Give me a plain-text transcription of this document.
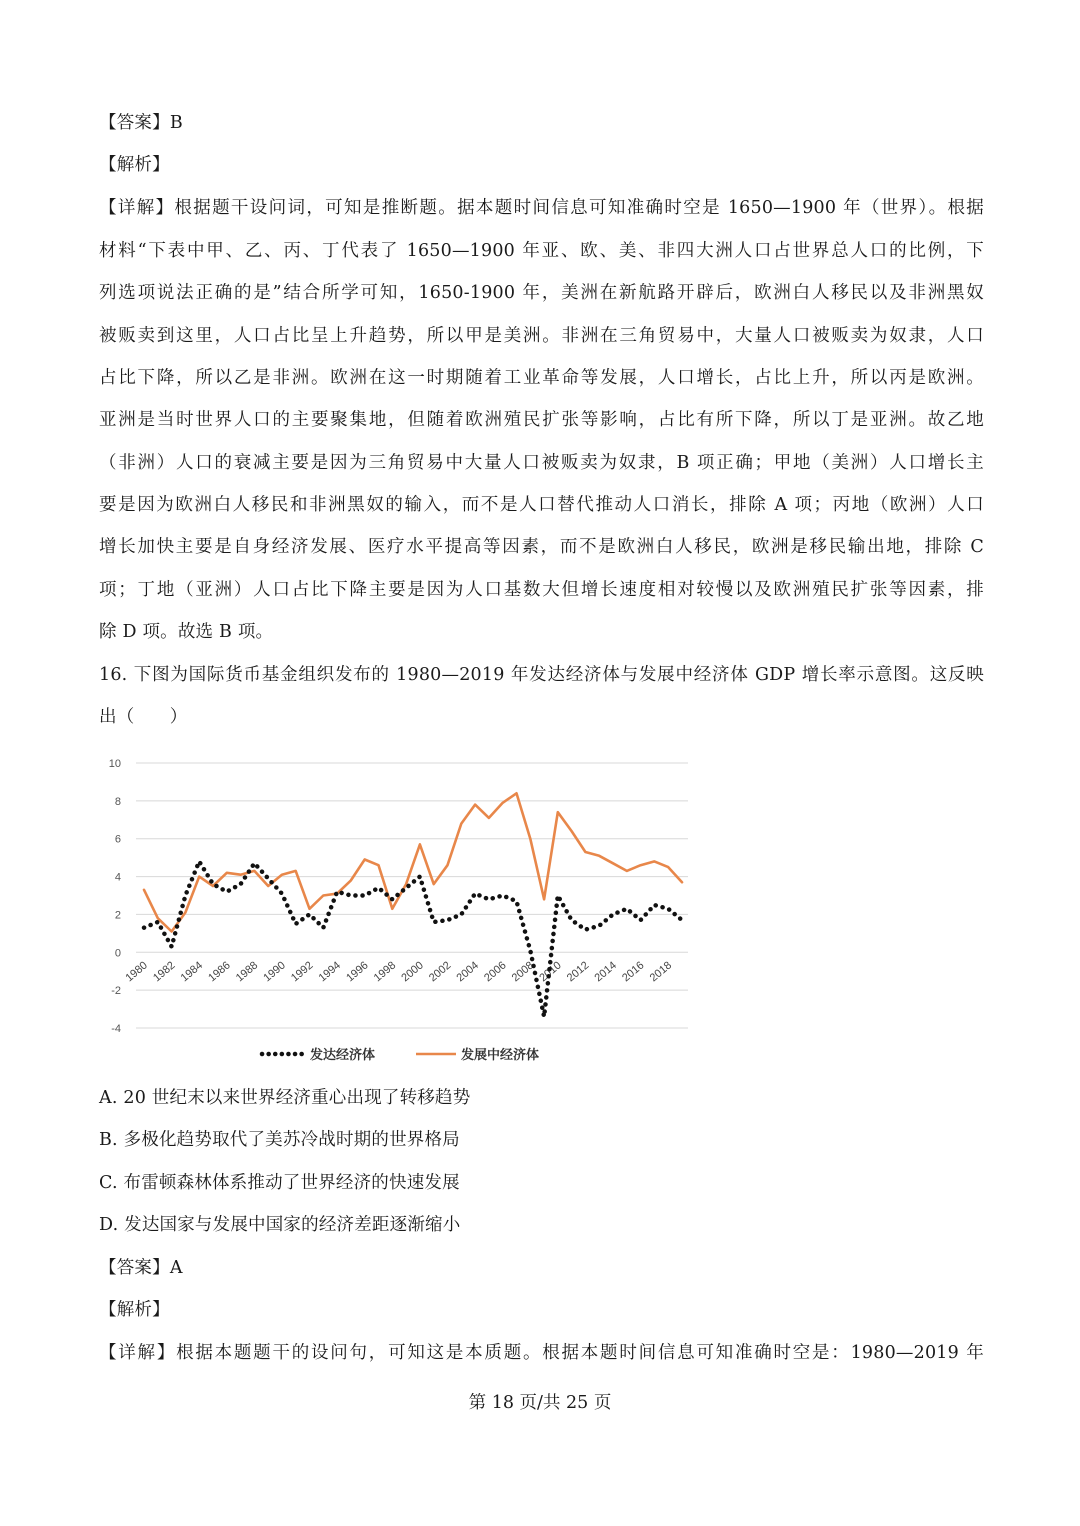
【答案】B
【解析】
【详解】根据题干设问词，可知是推断题。据本题时间信息可知准确时空是 1650—1900 年（世界）。根据
材料“下表中甲、乙、丙、丁代表了 1650—1900 年亚、欧、美、非四大洲人口占世界总人口的比例，下
列选项说法正确的是”结合所学可知，1650-1900 年，美洲在新航路开辟后，欧洲白人移民以及非洲黑奴
被贩卖到这里，人口占比呈上升趋势，所以甲是美洲。非洲在三角贸易中，大量人口被贩卖为奴隶，人口
占比下降，所以乙是非洲。欧洲在这一时期随着工业革命等发展，人口增长，占比上升，所以丙是欧洲。
亚洲是当时世界人口的主要聚集地，但随着欧洲殖民扩张等影响，占比有所下降，所以丁是亚洲。故乙地
（非洲）人口的衰减主要是因为三角贸易中大量人口被贩卖为奴隶，B 项正确；甲地（美洲）人口增长主
要是因为欧洲白人移民和非洲黑奴的输入，而不是人口替代推动人口消长，排除 A 项；丙地（欧洲）人口
增长加快主要是自身经济发展、医疗水平提高等因素，而不是欧洲白人移民，欧洲是移民输出地，排除 C
项；丁地（亚洲）人口占比下降主要是因为人口基数大但增长速度相对较慢以及欧洲殖民扩张等因素，排
除 D 项。故选 B 项。
16. 下图为国际货币基金组织发布的 1980—2019 年发达经济体与发展中经济体 GDP 增长率示意图。这反映
出（　　）
10
8
6
4
2
0
-2
-4
1980 1982 1984 1986 1988 1990 1992 1994 1996 1998 2000 2002 2004 2006 2008 2010 2012 2014 2016 2018
发达经济体	发展中经济体
A. 20 世纪末以来世界经济重心出现了转移趋势
B. 多极化趋势取代了美苏冷战时期的世界格局
C. 布雷顿森林体系推动了世界经济的快速发展
D. 发达国家与发展中国家的经济差距逐渐缩小
【答案】A
【解析】
【详解】根据本题题干的设问句，可知这是本质题。根据本题时间信息可知准确时空是：1980—2019 年
第 18 页/共 25 页
